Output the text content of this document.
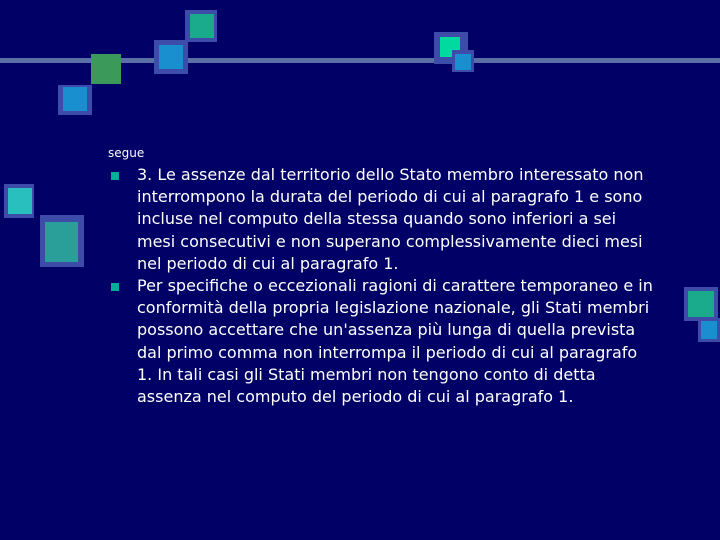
segue
3. Le assenze dal territorio dello Stato membro interessato non interrompono la durata del periodo di cui al paragrafo 1 e sono incluse nel computo della stessa quando sono inferiori a sei mesi consecutivi e non superano complessivamente dieci mesi nel periodo di cui al paragrafo 1.
Per specifiche o eccezionali ragioni di carattere temporaneo e in conformità della propria legislazione nazionale, gli Stati membri possono accettare che un'assenza più lunga di quella prevista dal primo comma non interrompa il periodo di cui al paragrafo 1. In tali casi gli Stati membri non tengono conto di detta assenza nel computo del periodo di cui al paragrafo 1.
